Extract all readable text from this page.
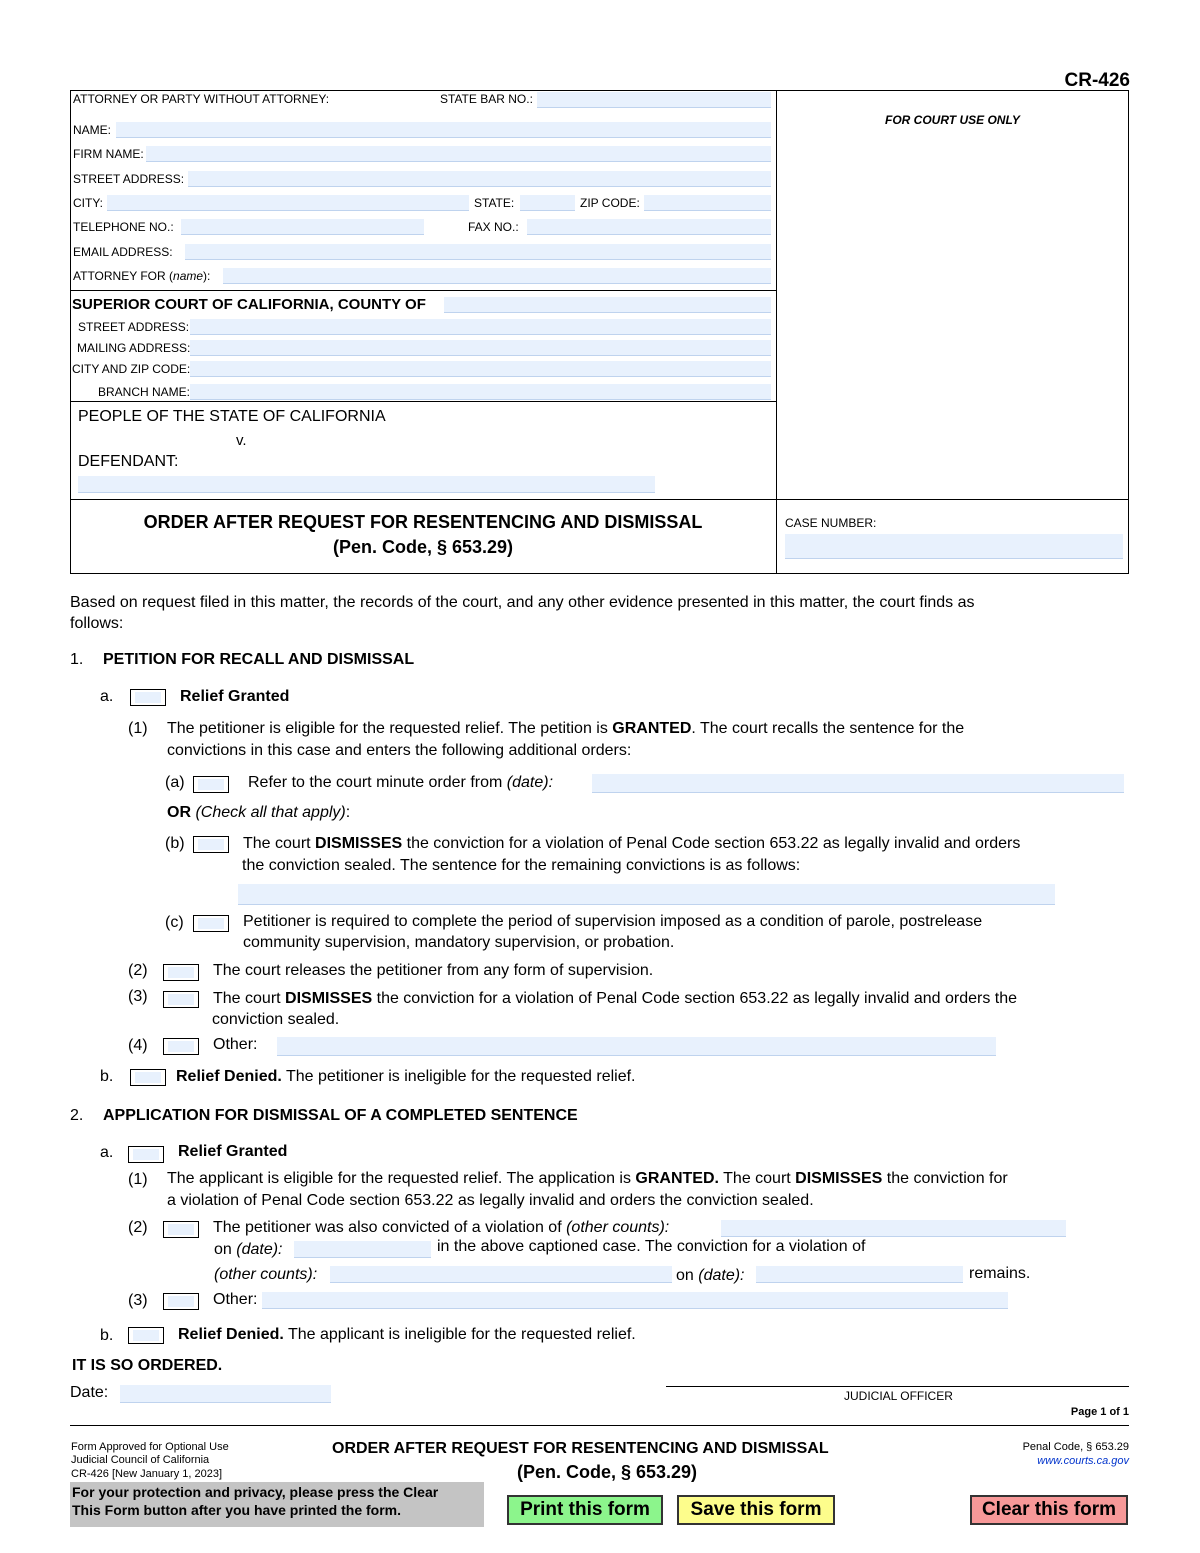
CR-426
ATTORNEY OR PARTY WITHOUT ATTORNEY:	STATE BAR NO.:
NAME:
FIRM NAME:
STREET ADDRESS:
CITY:	STATE:	ZIP CODE:
TELEPHONE NO.:	FAX NO.:
EMAIL ADDRESS:
ATTORNEY FOR (name):
FOR COURT USE ONLY
SUPERIOR COURT OF CALIFORNIA, COUNTY OF
STREET ADDRESS:
MAILING ADDRESS:
CITY AND ZIP CODE:
BRANCH NAME:
PEOPLE OF THE STATE OF CALIFORNIA
v.
DEFENDANT:
ORDER AFTER REQUEST FOR RESENTENCING AND DISMISSAL
(Pen. Code, § 653.29)
CASE NUMBER:
Based on request filed in this matter, the records of the court, and any other evidence presented in this matter, the court finds as
follows:
1. PETITION FOR RECALL AND DISMISSAL
a.	Relief Granted
(1) The petitioner is eligible for the requested relief. The petition is GRANTED. The court recalls the sentence for the
convictions in this case and enters the following additional orders:
(a)	Refer to the court minute order from (date):
OR (Check all that apply):
(b)	The court DISMISSES the conviction for a violation of Penal Code section 653.22 as legally invalid and orders
the conviction sealed. The sentence for the remaining convictions is as follows:
(c)	Petitioner is required to complete the period of supervision imposed as a condition of parole, postrelease
community supervision, mandatory supervision, or probation.
(2)	The court releases the petitioner from any form of supervision.
(3)	The court DISMISSES the conviction for a violation of Penal Code section 653.22 as legally invalid and orders the
conviction sealed.
(4)	Other:
b.	Relief Denied. The petitioner is ineligible for the requested relief.
2. APPLICATION FOR DISMISSAL OF A COMPLETED SENTENCE
a.	Relief Granted
(1) The applicant is eligible for the requested relief. The application is GRANTED. The court DISMISSES the conviction for
a violation of Penal Code section 653.22 as legally invalid and orders the conviction sealed.
(2)	The petitioner was also convicted of a violation of (other counts):
on (date):	in the above captioned case. The conviction for a violation of
(other counts):	on (date):	remains.
(3)	Other:
b.	Relief Denied. The applicant is ineligible for the requested relief.
IT IS SO ORDERED.
Date:	JUDICIAL OFFICER
Page 1 of 1
Form Approved for Optional Use
Judicial Council of California
CR-426 [New January 1, 2023]
ORDER AFTER REQUEST FOR RESENTENCING AND DISMISSAL
(Pen. Code, § 653.29)
Penal Code, § 653.29
www.courts.ca.gov
For your protection and privacy, please press the Clear
This Form button after you have printed the form.	Print this form	Save this form	Clear this form
